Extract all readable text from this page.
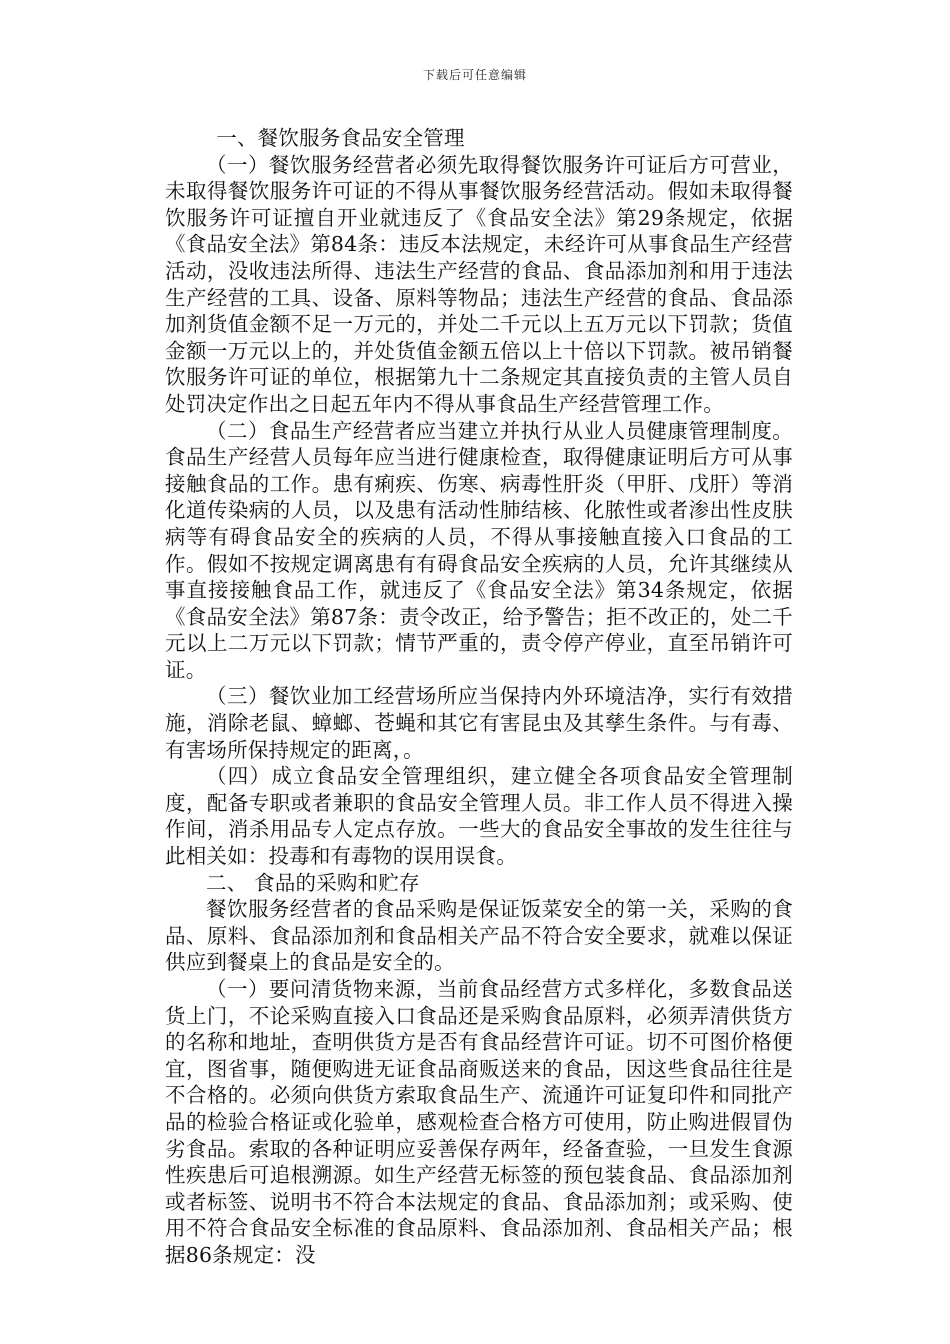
下载后可任意编辑

一、餐饮服务食品安全管理

（一）餐饮服务经营者必须先取得餐饮服务许可证后方可营业，未取得餐饮服务许可证的不得从事餐饮服务经营活动。假如未取得餐饮服务许可证擅自开业就违反了《食品安全法》第29条规定，依据《食品安全法》第84条：违反本法规定，未经许可从事食品生产经营活动，没收违法所得、违法生产经营的食品、食品添加剂和用于违法生产经营的工具、设备、原料等物品；违法生产经营的食品、食品添加剂货值金额不足一万元的，并处二千元以上五万元以下罚款；货值金额一万元以上的，并处货值金额五倍以上十倍以下罚款。被吊销餐饮服务许可证的单位，根据第九十二条规定其直接负责的主管人员自处罚决定作出之日起五年内不得从事食品生产经营管理工作。

（二）食品生产经营者应当建立并执行从业人员健康管理制度。食品生产经营人员每年应当进行健康检查，取得健康证明后方可从事接触食品的工作。患有痢疾、伤寒、病毒性肝炎（甲肝、戊肝）等消化道传染病的人员，以及患有活动性肺结核、化脓性或者渗出性皮肤病等有碍食品安全的疾病的人员，不得从事接触直接入口食品的工作。假如不按规定调离患有有碍食品安全疾病的人员，允许其继续从事直接接触食品工作，就违反了《食品安全法》第34条规定，依据《食品安全法》第87条：责令改正，给予警告；拒不改正的，处二千元以上二万元以下罚款；情节严重的，责令停产停业，直至吊销许可证。

（三）餐饮业加工经营场所应当保持内外环境洁净，实行有效措施，消除老鼠、蟑螂、苍蝇和其它有害昆虫及其孳生条件。与有毒、有害场所保持规定的距离，。

（四）成立食品安全管理组织，建立健全各项食品安全管理制度，配备专职或者兼职的食品安全管理人员。非工作人员不得进入操作间，消杀用品专人定点存放。一些大的食品安全事故的发生往往与此相关如：投毒和有毒物的误用误食。

二、 食品的采购和贮存

餐饮服务经营者的食品采购是保证饭菜安全的第一关，采购的食品、原料、食品添加剂和食品相关产品不符合安全要求，就难以保证供应到餐桌上的食品是安全的。

（一）要问清货物来源，当前食品经营方式多样化，多数食品送货上门，不论采购直接入口食品还是采购食品原料，必须弄清供货方的名称和地址，查明供货方是否有食品经营许可证。切不可图价格便宜，图省事，随便购进无证食品商贩送来的食品，因这些食品往往是不合格的。必须向供货方索取食品生产、流通许可证复印件和同批产品的检验合格证或化验单，感观检查合格方可使用，防止购进假冒伪劣食品。索取的各种证明应妥善保存两年，经备查验，一旦发生食源性疾患后可追根溯源。如生产经营无标签的预包装食品、食品添加剂或者标签、说明书不符合本法规定的食品、食品添加剂；或采购、使用不符合食品安全标准的食品原料、食品添加剂、食品相关产品；根据86条规定：没
